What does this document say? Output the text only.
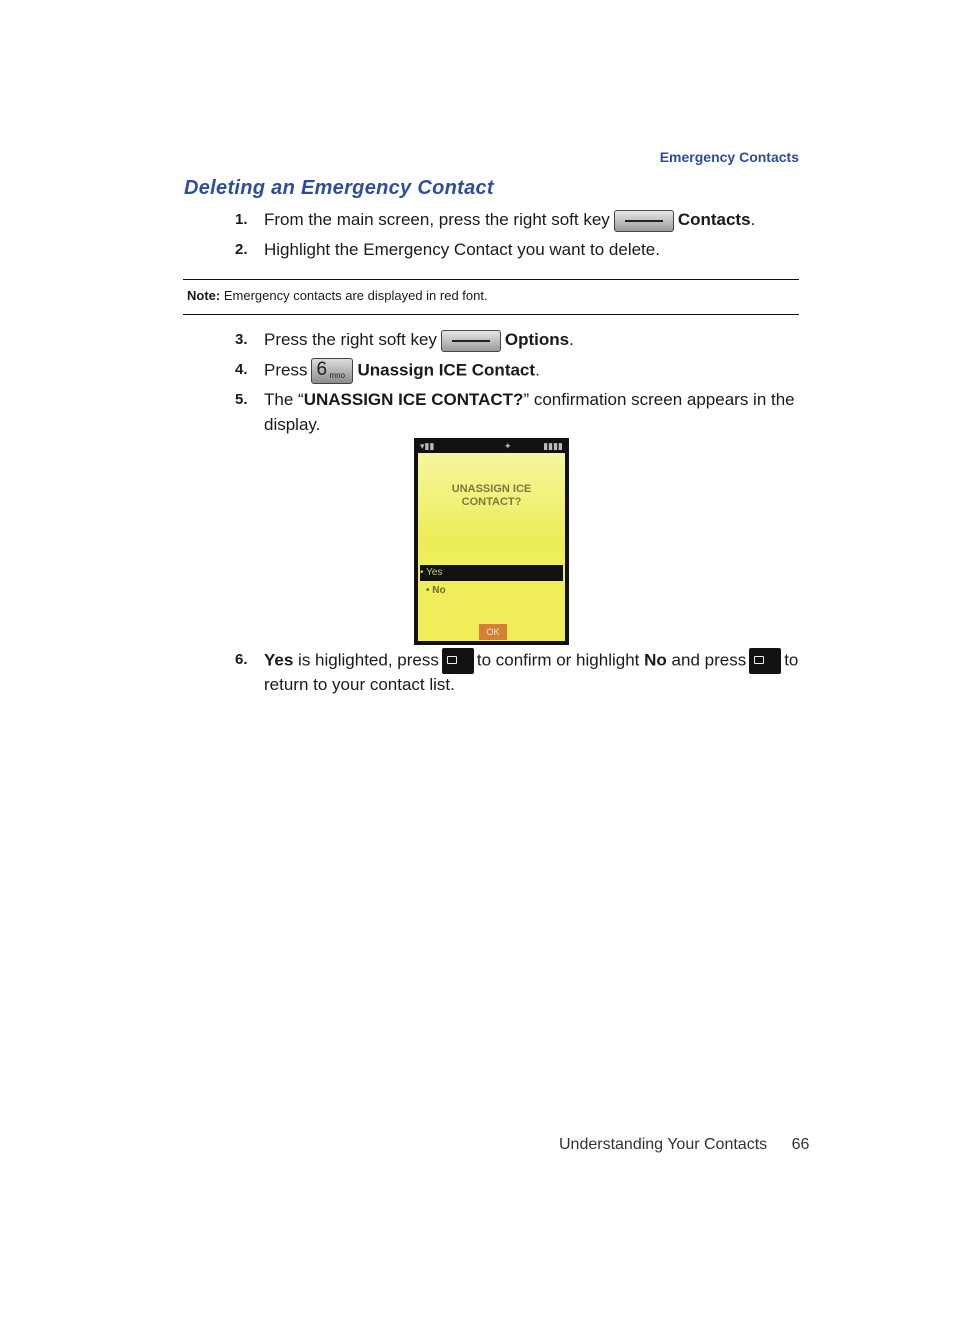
Emergency Contacts
Deleting an Emergency Contact
1. From the main screen, press the right soft key	Contacts.
2. Highlight the Emergency Contact you want to delete.
Note: Emergency contacts are displayed in red font.
3. Press the right soft key	Options.
4. Press 6 mno Unassign ICE Contact.
5. The “UNASSIGN ICE CONTACT?” confirmation screen appears in the
display.
▾▮▮	✦	▮▮▮▮
UNASSIGN ICE
CONTACT?
• Yes
• No
OK
6. Yes is higlighted, press to confirm or highlight No and press to
return to your contact list.
Understanding Your Contacts 66
